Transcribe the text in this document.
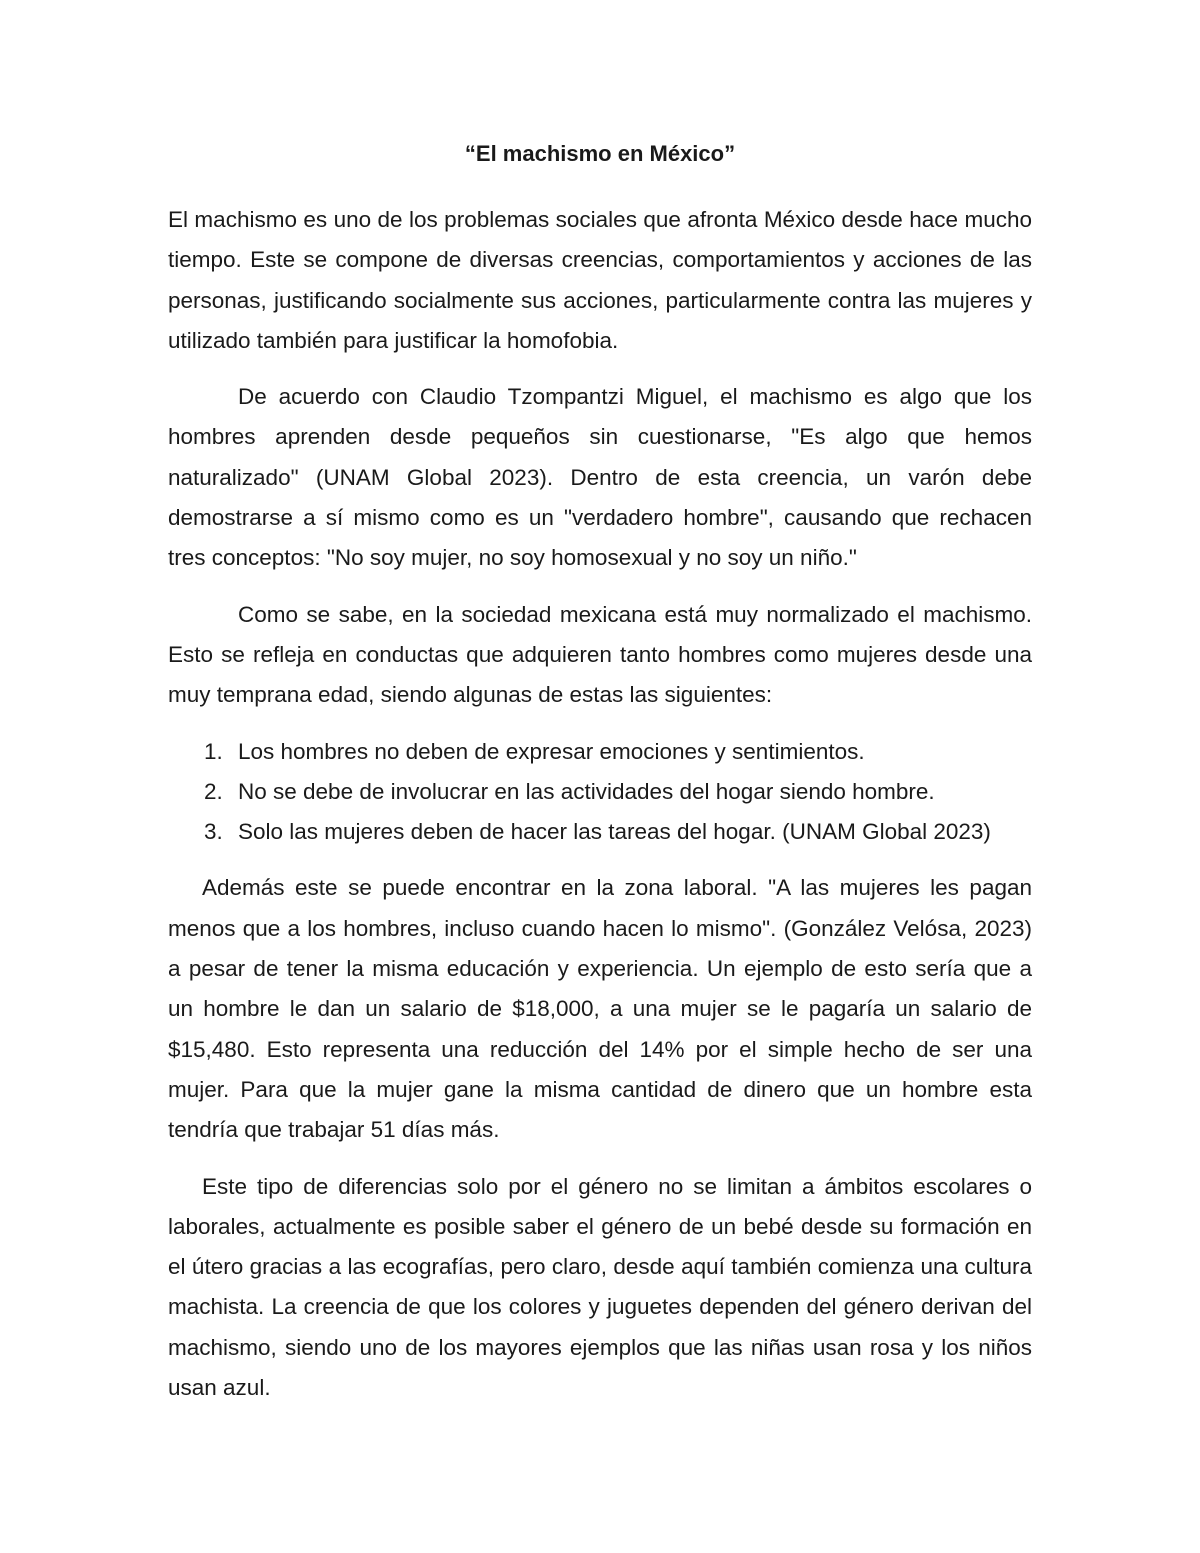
“El machismo en México”

El machismo es uno de los problemas sociales que afronta México desde hace mucho tiempo. Este se compone de diversas creencias, comportamientos y acciones de las personas, justificando socialmente sus acciones, particularmente contra las mujeres y utilizado también para justificar la homofobia.

De acuerdo con Claudio Tzompantzi Miguel, el machismo es algo que los hombres aprenden desde pequeños sin cuestionarse, "Es algo que hemos naturalizado" (UNAM Global 2023). Dentro de esta creencia, un varón debe demostrarse a sí mismo como es un "verdadero hombre", causando que rechacen tres conceptos: "No soy mujer, no soy homosexual y no soy un niño."

Como se sabe, en la sociedad mexicana está muy normalizado el machismo. Esto se refleja en conductas que adquieren tanto hombres como mujeres desde una muy temprana edad, siendo algunas de estas las siguientes:

1. Los hombres no deben de expresar emociones y sentimientos.
2. No se debe de involucrar en las actividades del hogar siendo hombre.
3. Solo las mujeres deben de hacer las tareas del hogar. (UNAM Global 2023)

Además este se puede encontrar en la zona laboral. "A las mujeres les pagan menos que a los hombres, incluso cuando hacen lo mismo". (González Velósa, 2023) a pesar de tener la misma educación y experiencia. Un ejemplo de esto sería que a un hombre le dan un salario de $18,000, a una mujer se le pagaría un salario de $15,480. Esto representa una reducción del 14% por el simple hecho de ser una mujer. Para que la mujer gane la misma cantidad de dinero que un hombre esta tendría que trabajar 51 días más.

Este tipo de diferencias solo por el género no se limitan a ámbitos escolares o laborales, actualmente es posible saber el género de un bebé desde su formación en el útero gracias a las ecografías, pero claro, desde aquí también comienza una cultura machista. La creencia de que los colores y juguetes dependen del género derivan del machismo, siendo uno de los mayores ejemplos que las niñas usan rosa y los niños usan azul.
